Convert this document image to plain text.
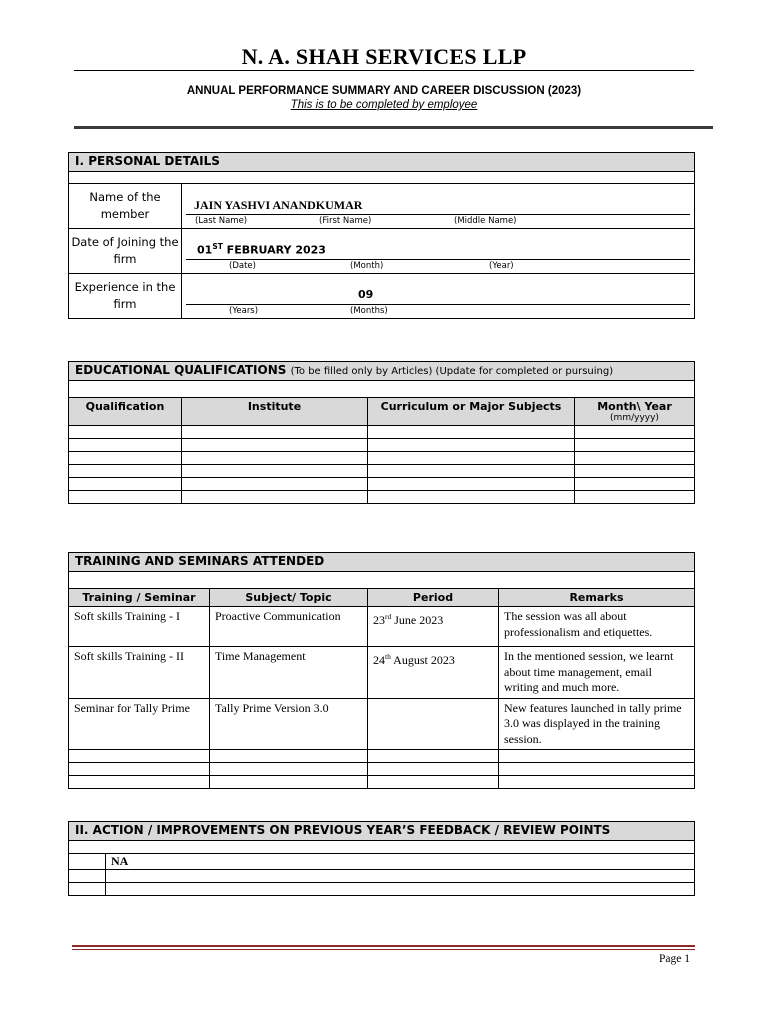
N. A. SHAH SERVICES LLP
ANNUAL PERFORMANCE SUMMARY AND CAREER DISCUSSION (2023)
This is to be completed by employee
I. PERSONAL DETAILS	

Name of the member	JAIN YASHVI ANANDKUMAR
(Last Name) (First Name) (Middle Name)

Date of Joining the firm	01ST FEBRUARY 2023
(Date) (Month) (Year)

Experience in the firm	09
(Years) (Months)
EDUCATIONAL QUALIFICATIONS (To be filled only by Articles) (Update for completed or pursuing)			

Qualification	Institute	Curriculum or Major Subjects	Month\ Year
(mm/yyyy)

TRAINING AND SEMINARS ATTENDED			

Training / Seminar	Subject/ Topic	Period	Remarks
Soft skills Training - I	Proactive Communication	23rd June 2023	The session was all about professionalism and etiquettes.
Soft skills Training - II	Time Management	24th August 2023	In the mentioned session, we learnt about time management, email writing and much more.
Seminar for Tally Prime	Tally Prime Version 3.0		New features launched in tally prime 3.0 was displayed in the training session.

II. ACTION / IMPROVEMENTS ON PREVIOUS YEAR’S FEEDBACK / REVIEW POINTS	

	NA

Page 1
